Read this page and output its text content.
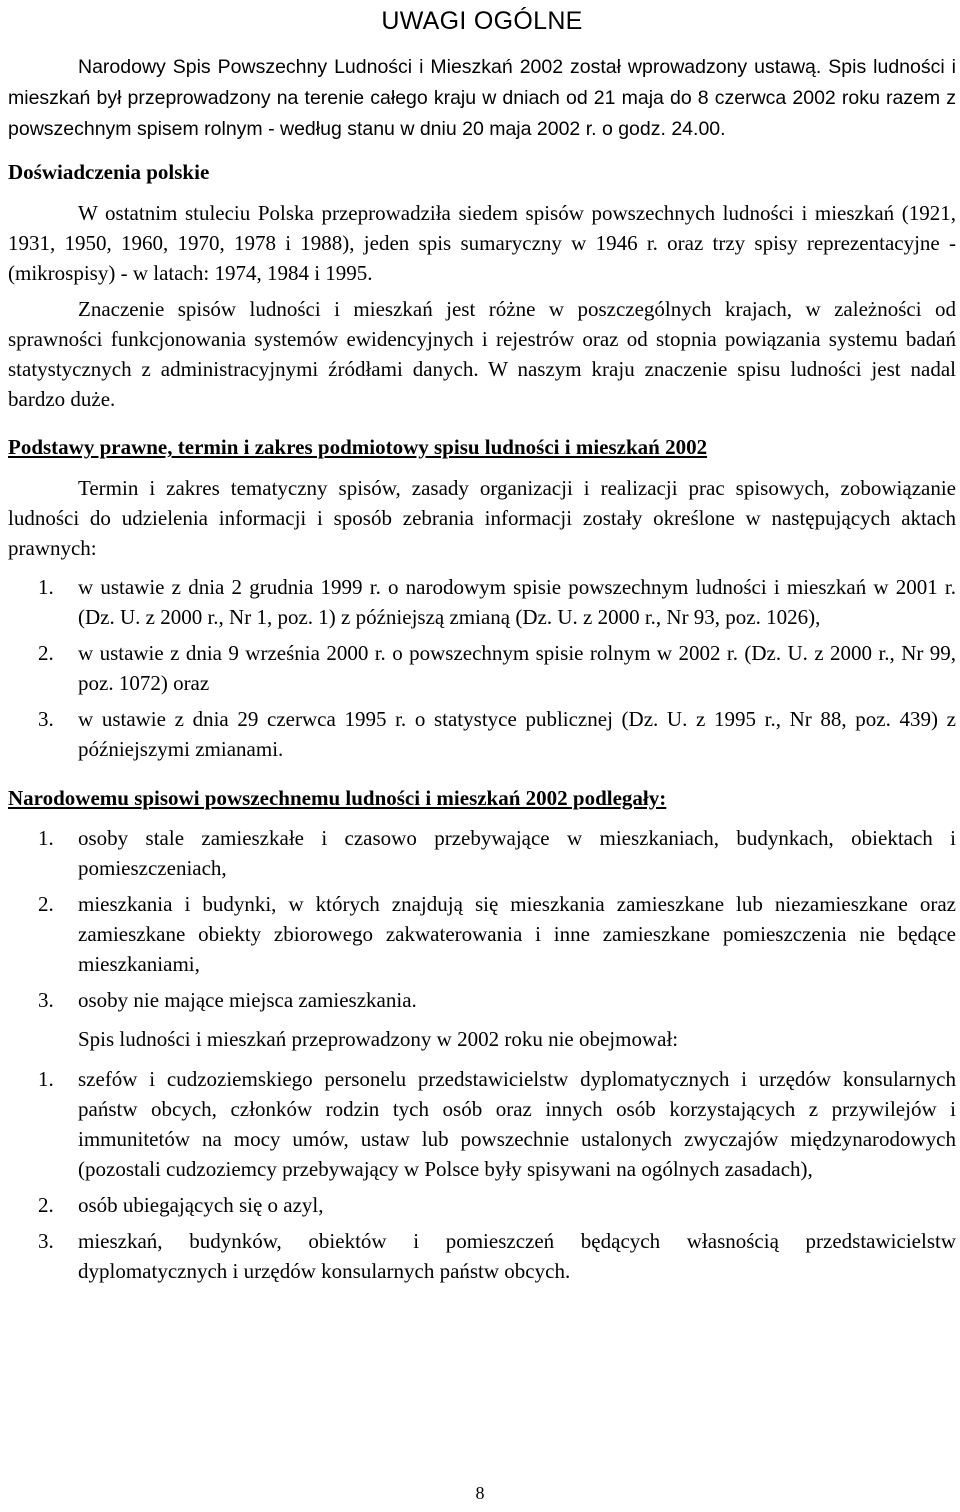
UWAGI OGÓLNE

Narodowy Spis Powszechny Ludności i Mieszkań 2002 został wprowadzony ustawą. Spis ludności i mieszkań był przeprowadzony na terenie całego kraju w dniach od 21 maja do 8 czerwca 2002 roku razem z powszechnym spisem rolnym - według stanu w dniu 20 maja 2002 r. o godz. 24.00.

Doświadczenia polskie

W ostatnim stuleciu Polska przeprowadziła siedem spisów powszechnych ludności i mieszkań (1921, 1931, 1950, 1960, 1970, 1978 i 1988), jeden spis sumaryczny w 1946 r. oraz trzy spisy reprezentacyjne - (mikrospisy) - w latach: 1974, 1984 i 1995.

Znaczenie spisów ludności i mieszkań jest różne w poszczególnych krajach, w zależności od sprawności funkcjonowania systemów ewidencyjnych i rejestrów oraz od stopnia powiązania systemu badań statystycznych z administracyjnymi źródłami danych. W naszym kraju znaczenie spisu ludności jest nadal bardzo duże.

Podstawy prawne, termin i zakres podmiotowy spisu ludności i mieszkań 2002

Termin i zakres tematyczny spisów, zasady organizacji i realizacji prac spisowych, zobowiązanie ludności do udzielenia informacji i sposób zebrania informacji zostały określone w następujących aktach prawnych:

1. w ustawie z dnia 2 grudnia 1999 r. o narodowym spisie powszechnym ludności i mieszkań w 2001 r. (Dz. U. z 2000 r., Nr 1, poz. 1) z późniejszą zmianą (Dz. U. z 2000 r., Nr 93, poz. 1026),
2. w ustawie z dnia 9 września 2000 r. o powszechnym spisie rolnym w 2002 r. (Dz. U. z 2000 r., Nr 99, poz. 1072) oraz
3. w ustawie z dnia 29 czerwca 1995 r. o statystyce publicznej (Dz. U. z 1995 r., Nr 88, poz. 439) z późniejszymi zmianami.
Narodowemu spisowi powszechnemu ludności i mieszkań 2002 podlegały:
1. osoby stale zamieszkałe i czasowo przebywające w mieszkaniach, budynkach, obiektach i pomieszczeniach,
2. mieszkania i budynki, w których znajdują się mieszkania zamieszkane lub niezamieszkane oraz zamieszkane obiekty zbiorowego zakwaterowania i inne zamieszkane pomieszczenia nie będące mieszkaniami,
3. osoby nie mające miejsca zamieszkania.

Spis ludności i mieszkań przeprowadzony w 2002 roku nie obejmował:

1. szefów i cudzoziemskiego personelu przedstawicielstw dyplomatycznych i urzędów konsularnych państw obcych, członków rodzin tych osób oraz innych osób korzystających z przywilejów i immunitetów na mocy umów, ustaw lub powszechnie ustalonych zwyczajów międzynarodowych (pozostali cudzoziemcy przebywający w Polsce były spisywani na ogólnych zasadach),
2. osób ubiegających się o azyl,
3. mieszkań, budynków, obiektów i pomieszczeń będących własnością przedstawicielstw dyplomatycznych i urzędów konsularnych państw obcych.
8
